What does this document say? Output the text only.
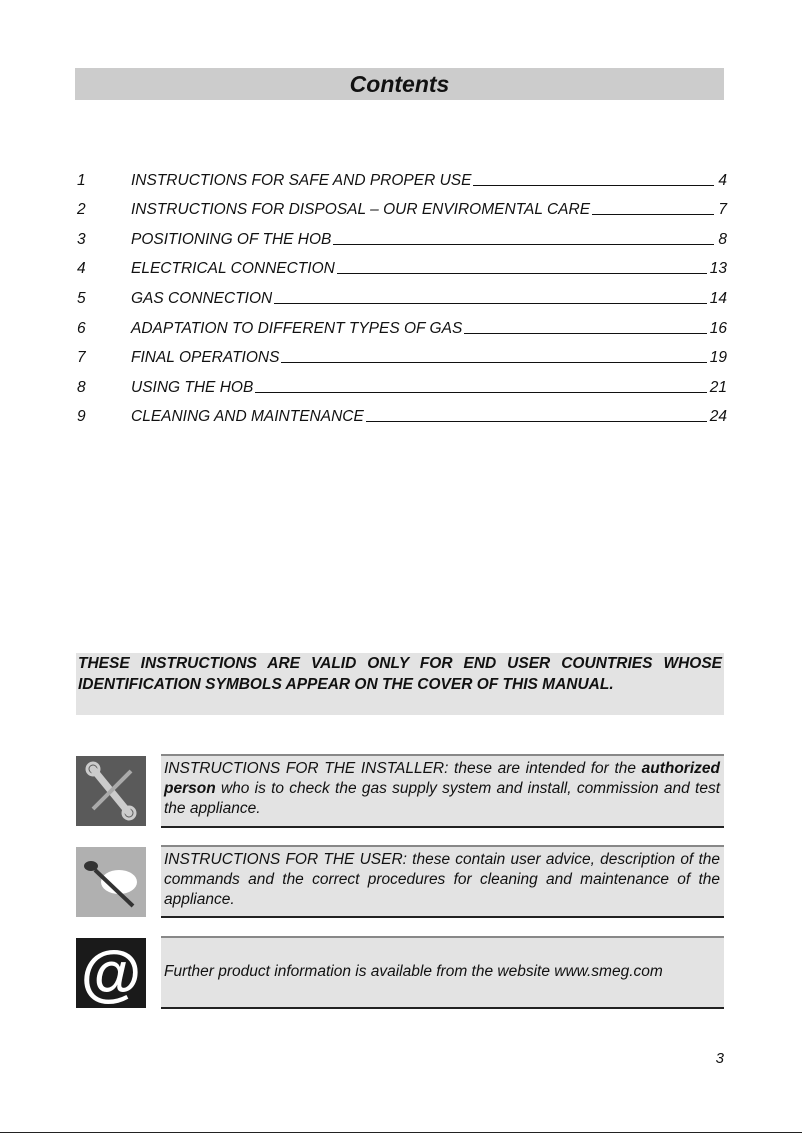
Contents
1	INSTRUCTIONS FOR SAFE AND PROPER USE	4
2	INSTRUCTIONS FOR DISPOSAL – OUR ENVIROMENTAL CARE	7
3	POSITIONING OF THE HOB	8
4	ELECTRICAL CONNECTION	13
5	GAS CONNECTION	14
6	ADAPTATION TO DIFFERENT TYPES OF GAS	16
7	FINAL OPERATIONS	19
8	USING THE HOB	21
9	CLEANING AND MAINTENANCE	24
THESE INSTRUCTIONS ARE VALID ONLY FOR END USER COUNTRIES WHOSE IDENTIFICATION SYMBOLS APPEAR ON THE COVER OF THIS MANUAL.
INSTRUCTIONS FOR THE INSTALLER: these are intended for the authorized person who is to check the gas supply system and install, commission and test the appliance.
INSTRUCTIONS FOR THE USER: these contain user advice, description of the commands and the correct procedures for cleaning and maintenance of the appliance.
@	Further product information is available from the website www.smeg.com
3
